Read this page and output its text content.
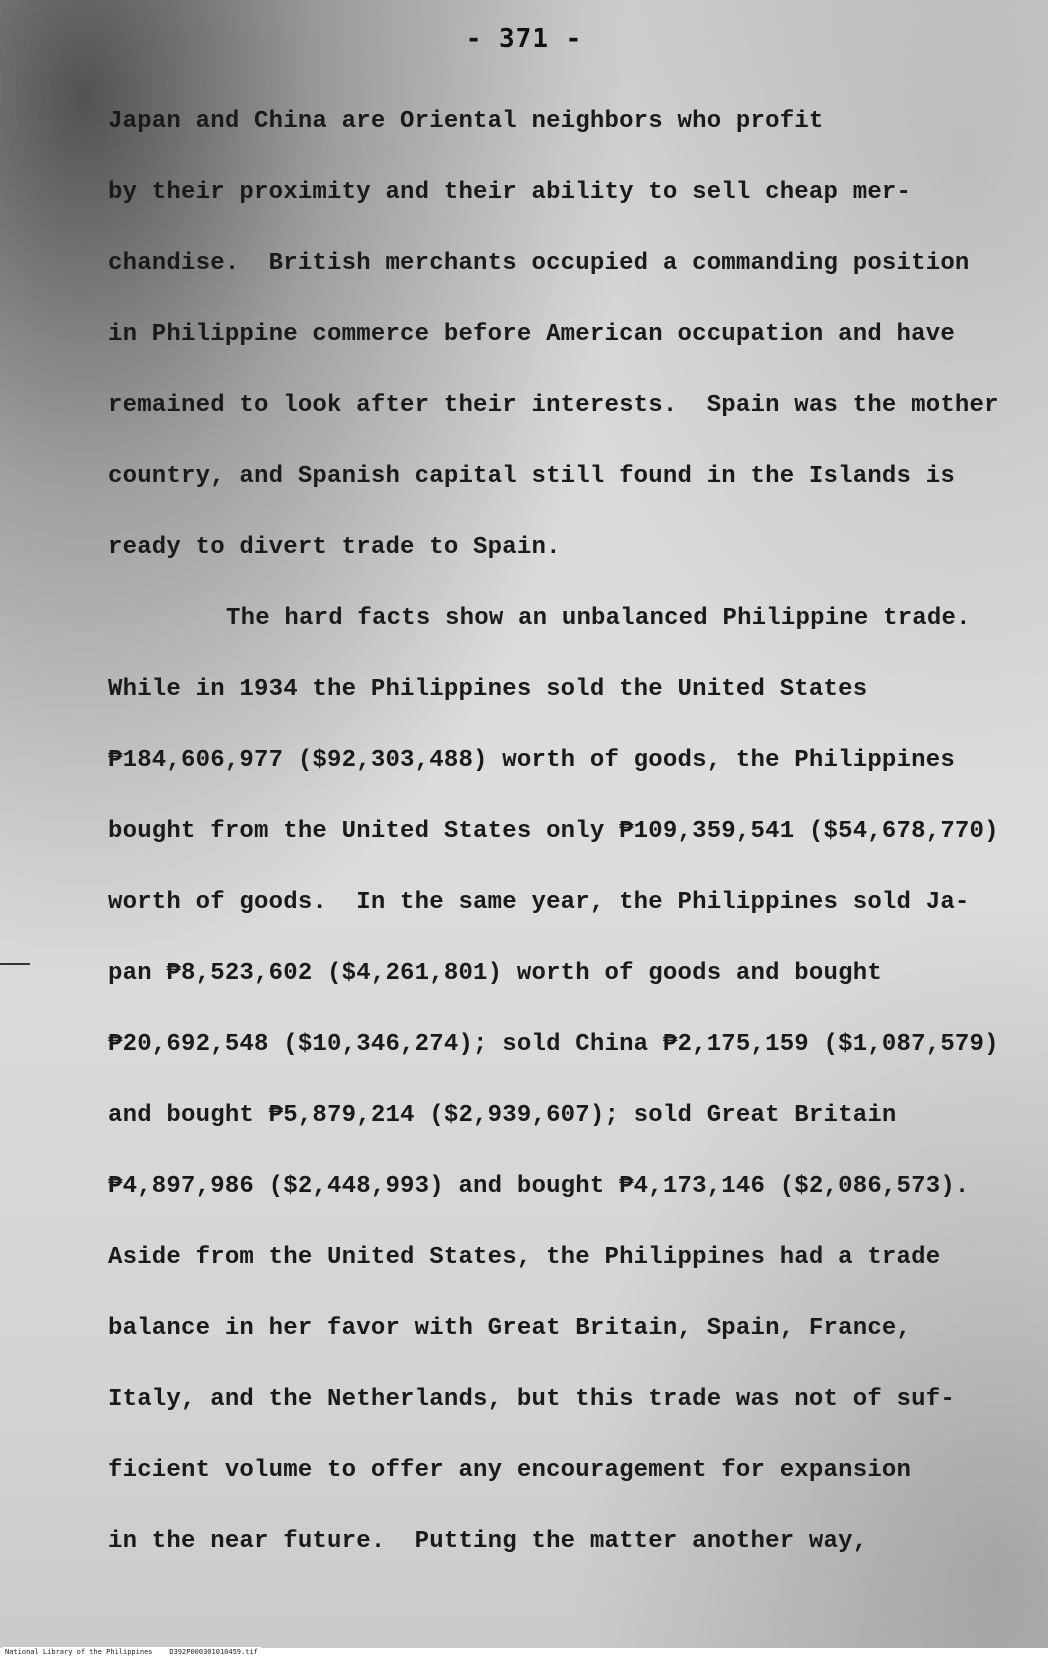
- 371 -
Japan and China are Oriental neighbors who profit
by their proximity and their ability to sell cheap mer-
chandise.  British merchants occupied a commanding position
in Philippine commerce before American occupation and have
remained to look after their interests.  Spain was the mother
country, and Spanish capital still found in the Islands is
ready to divert trade to Spain.
The hard facts show an unbalanced Philippine trade.
While in 1934 the Philippines sold the United States
₱184,606,977 ($92,303,488) worth of goods, the Philippines
bought from the United States only ₱109,359,541 ($54,678,770)
worth of goods.  In the same year, the Philippines sold Ja-
pan ₱8,523,602 ($4,261,801) worth of goods and bought
₱20,692,548 ($10,346,274); sold China ₱2,175,159 ($1,087,579)
and bought ₱5,879,214 ($2,939,607); sold Great Britain
₱4,897,986 ($2,448,993) and bought ₱4,173,146 ($2,086,573).
Aside from the United States, the Philippines had a trade
balance in her favor with Great Britain, Spain, France,
Italy, and the Netherlands, but this trade was not of suf-
ficient volume to offer any encouragement for expansion
in the near future.  Putting the matter another way,
National Library of the Philippines D392P000301010459.tif
